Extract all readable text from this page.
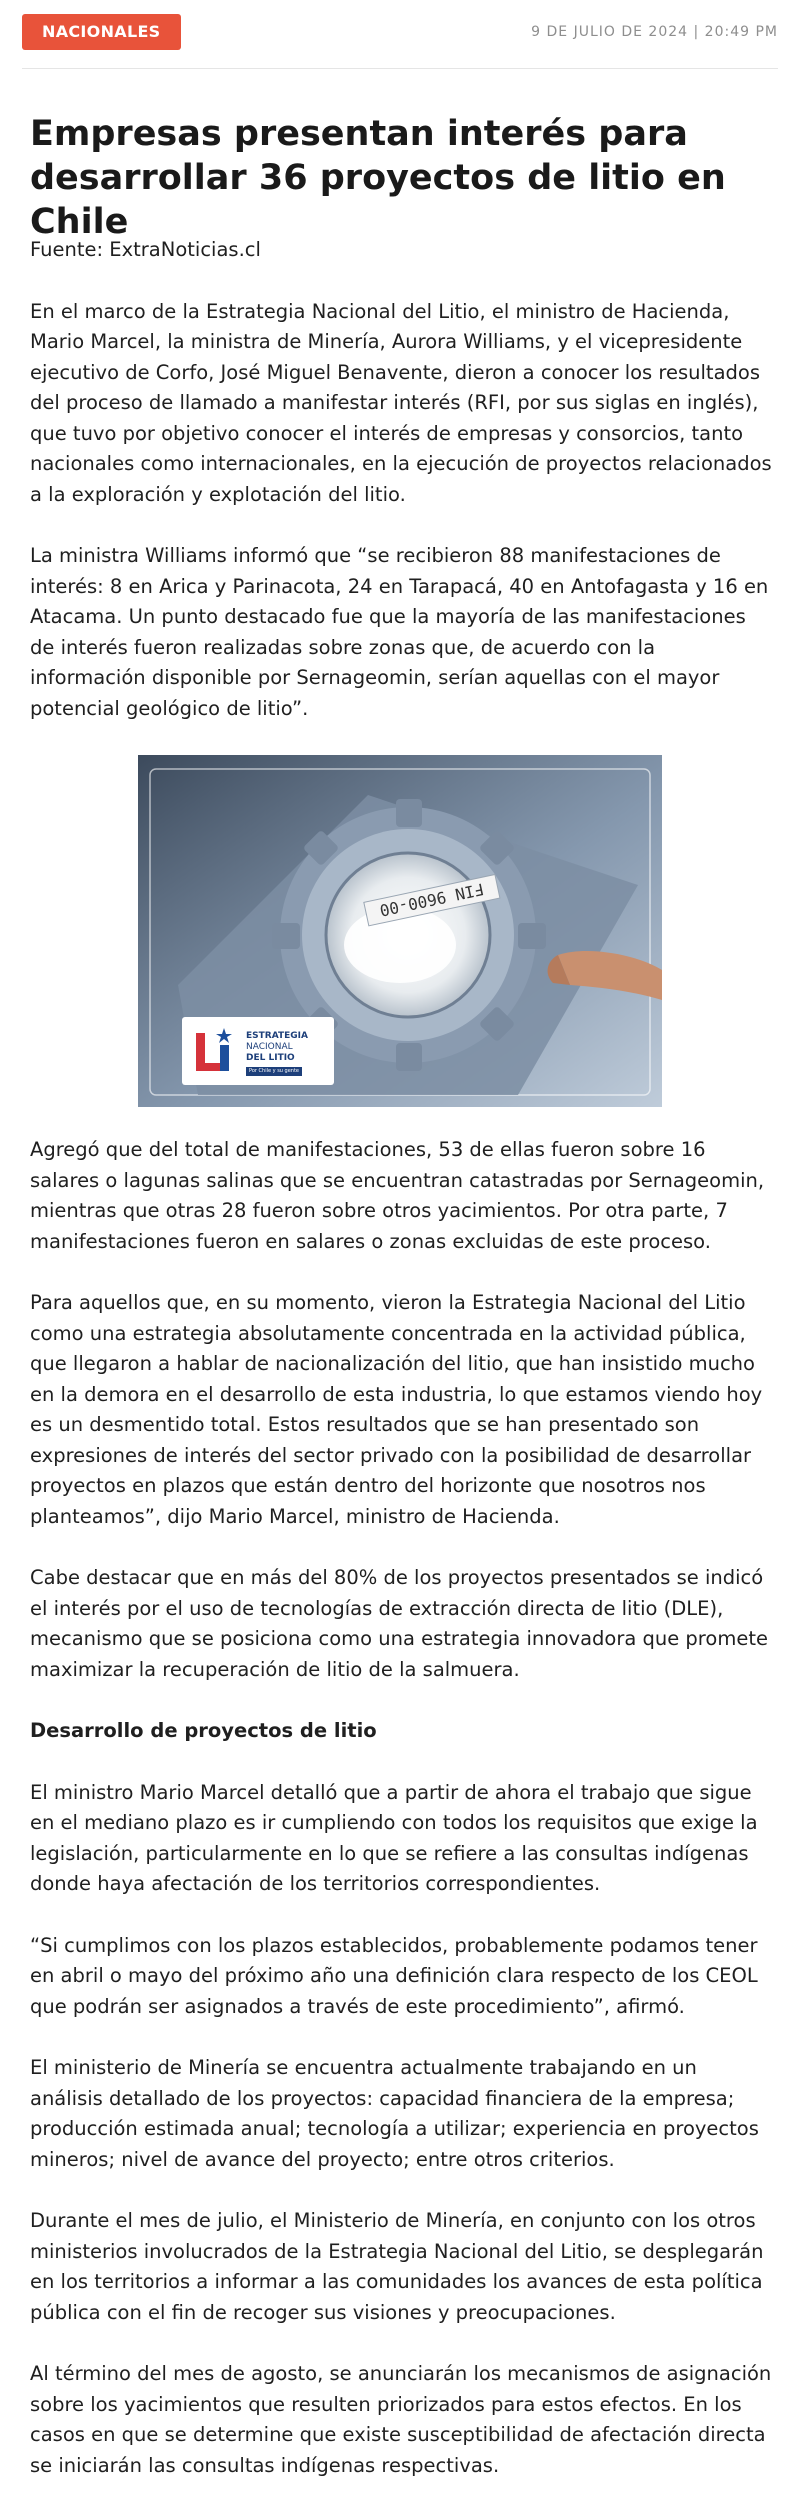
NACIONALES	9 DE JULIO DE 2024 | 20:49 PM
Empresas presentan interés para desarrollar 36 proyectos de litio en Chile

Fuente: ExtraNoticias.cl

En el marco de la Estrategia Nacional del Litio, el ministro de Hacienda, Mario Marcel, la ministra de Minería, Aurora Williams, y el vicepresidente ejecutivo de Corfo, José Miguel Benavente, dieron a conocer los resultados del proceso de llamado a manifestar interés (RFI, por sus siglas en inglés), que tuvo por objetivo conocer el interés de empresas y consorcios, tanto nacionales como internacionales, en la ejecución de proyectos relacionados a la exploración y explotación del litio.

La ministra Williams informó que “se recibieron 88 manifestaciones de interés: 8 en Arica y Parinacota, 24 en Tarapacá, 40 en Antofagasta y 16 en Atacama. Un punto destacado fue que la mayoría de las manifestaciones de interés fueron realizadas sobre zonas que, de acuerdo con la información disponible por Sernageomin, serían aquellas con el mayor potencial geológico de litio”.

FIN 9600-00
ESTRATEGIA
NACIONAL
DEL LITIO
Por Chile y su gente

Agregó que del total de manifestaciones, 53 de ellas fueron sobre 16 salares o lagunas salinas que se encuentran catastradas por Sernageomin, mientras que otras 28 fueron sobre otros yacimientos. Por otra parte, 7 manifestaciones fueron en salares o zonas excluidas de este proceso.

Para aquellos que, en su momento, vieron la Estrategia Nacional del Litio como una estrategia absolutamente concentrada en la actividad pública, que llegaron a hablar de nacionalización del litio, que han insistido mucho en la demora en el desarrollo de esta industria, lo que estamos viendo hoy es un desmentido total. Estos resultados que se han presentado son expresiones de interés del sector privado con la posibilidad de desarrollar proyectos en plazos que están dentro del horizonte que nosotros nos planteamos”, dijo Mario Marcel, ministro de Hacienda.

Cabe destacar que en más del 80% de los proyectos presentados se indicó el interés por el uso de tecnologías de extracción directa de litio (DLE), mecanismo que se posiciona como una estrategia innovadora que promete maximizar la recuperación de litio de la salmuera.

Desarrollo de proyectos de litio

El ministro Mario Marcel detalló que a partir de ahora el trabajo que sigue en el mediano plazo es ir cumpliendo con todos los requisitos que exige la legislación, particularmente en lo que se refiere a las consultas indígenas donde haya afectación de los territorios correspondientes.

“Si cumplimos con los plazos establecidos, probablemente podamos tener en abril o mayo del próximo año una definición clara respecto de los CEOL que podrán ser asignados a través de este procedimiento”, afirmó.

El ministerio de Minería se encuentra actualmente trabajando en un análisis detallado de los proyectos: capacidad financiera de la empresa; producción estimada anual; tecnología a utilizar; experiencia en proyectos mineros; nivel de avance del proyecto; entre otros criterios.

Durante el mes de julio, el Ministerio de Minería, en conjunto con los otros ministerios involucrados de la Estrategia Nacional del Litio, se desplegarán en los territorios a informar a las comunidades los avances de esta política pública con el fin de recoger sus visiones y preocupaciones.

Al término del mes de agosto, se anunciarán los mecanismos de asignación sobre los yacimientos que resulten priorizados para estos efectos. En los casos en que se determine que existe susceptibilidad de afectación directa se iniciarán las consultas indígenas respectivas.
